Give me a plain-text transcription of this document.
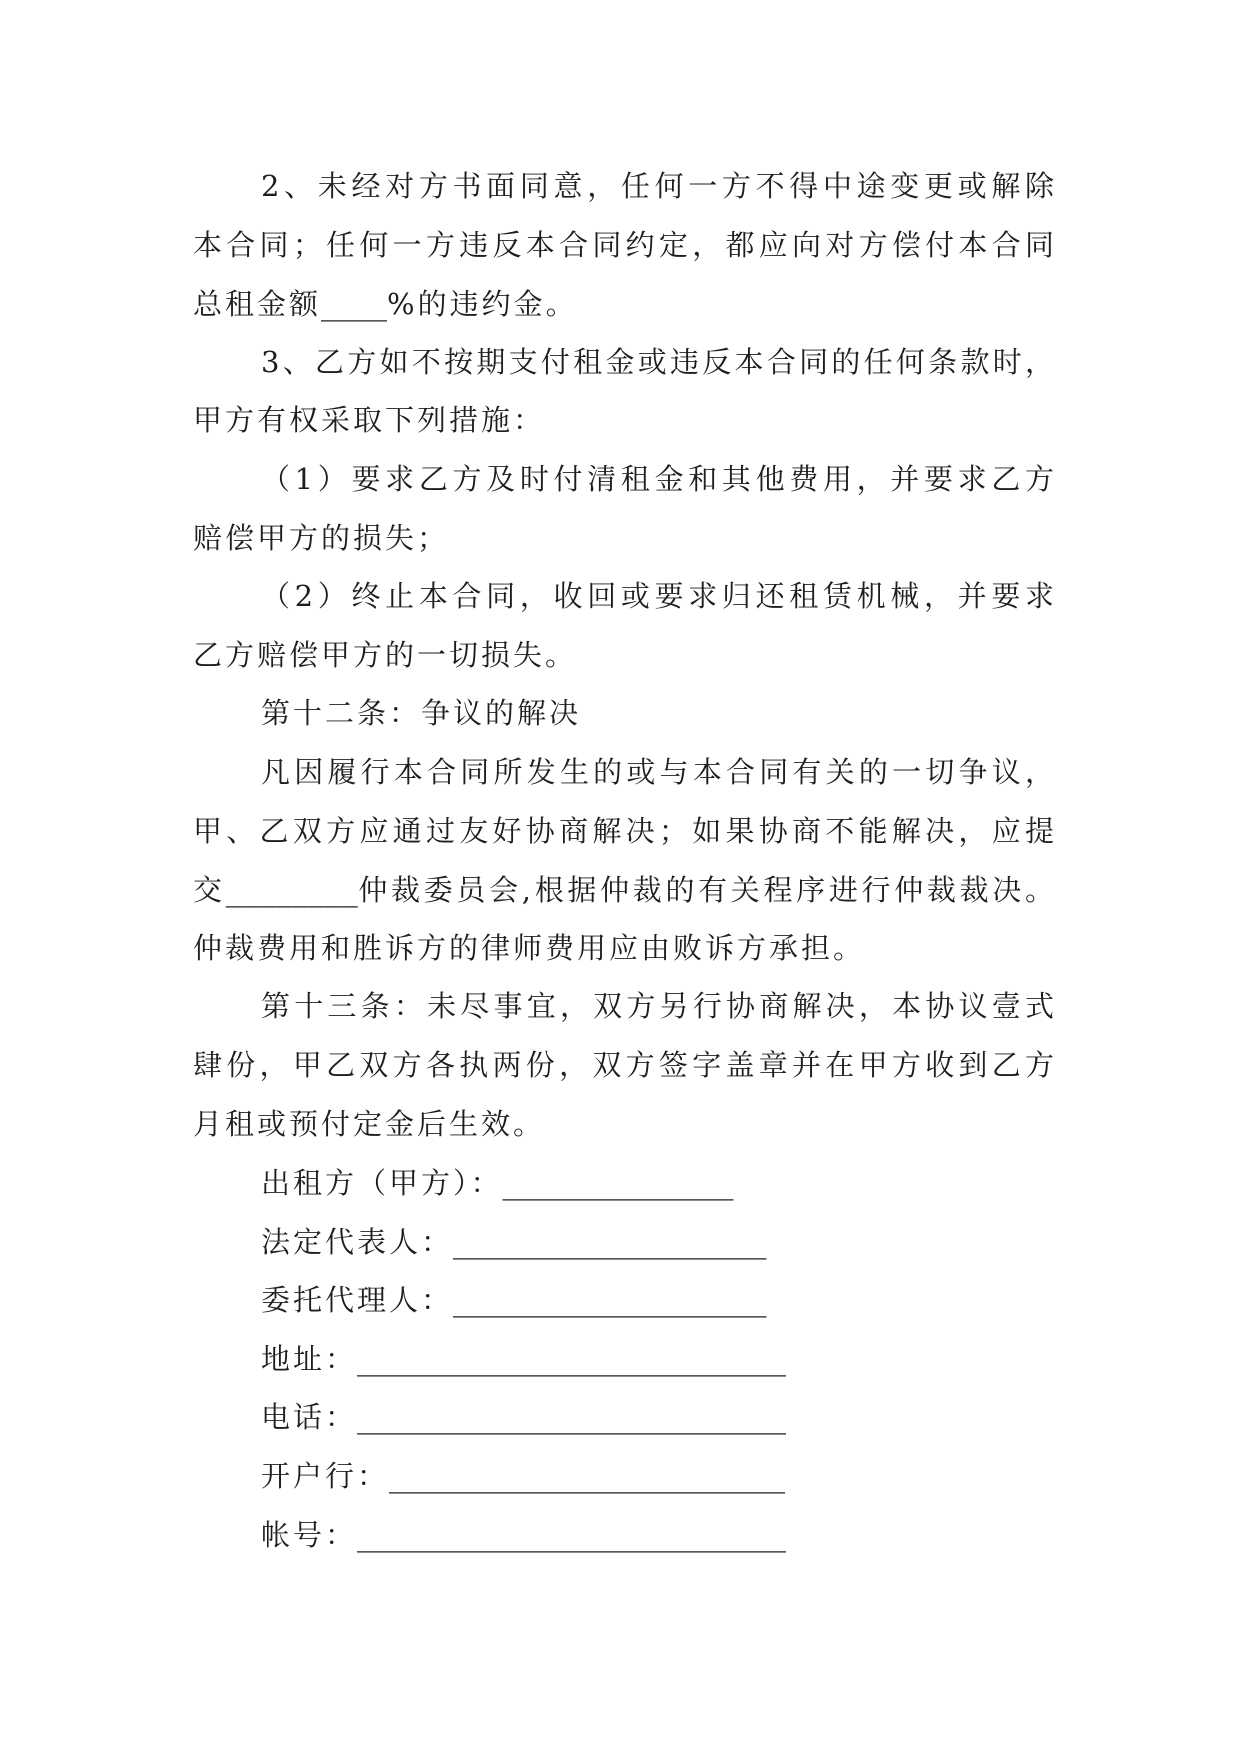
2、未经对方书面同意，任何一方不得中途变更或解除
本合同；任何一方违反本合同约定，都应向对方偿付本合同
总租金额____%的违约金。
3、乙方如不按期支付租金或违反本合同的任何条款时，
甲方有权采取下列措施：
（1）要求乙方及时付清租金和其他费用，并要求乙方
赔偿甲方的损失；
（2）终止本合同，收回或要求归还租赁机械，并要求
乙方赔偿甲方的一切损失。
第十二条：争议的解决
凡因履行本合同所发生的或与本合同有关的一切争议，
甲、乙双方应通过友好协商解决；如果协商不能解决，应提
交________仲裁委员会,根据仲裁的有关程序进行仲裁裁决。
仲裁费用和胜诉方的律师费用应由败诉方承担。
第十三条：未尽事宜，双方另行协商解决，本协议壹式
肆份，甲乙双方各执两份，双方签字盖章并在甲方收到乙方
月租或预付定金后生效。
出租方（甲方）：______________
法定代表人：___________________
委托代理人：___________________
地址：__________________________
电话：__________________________
开户行：________________________
帐号：__________________________
